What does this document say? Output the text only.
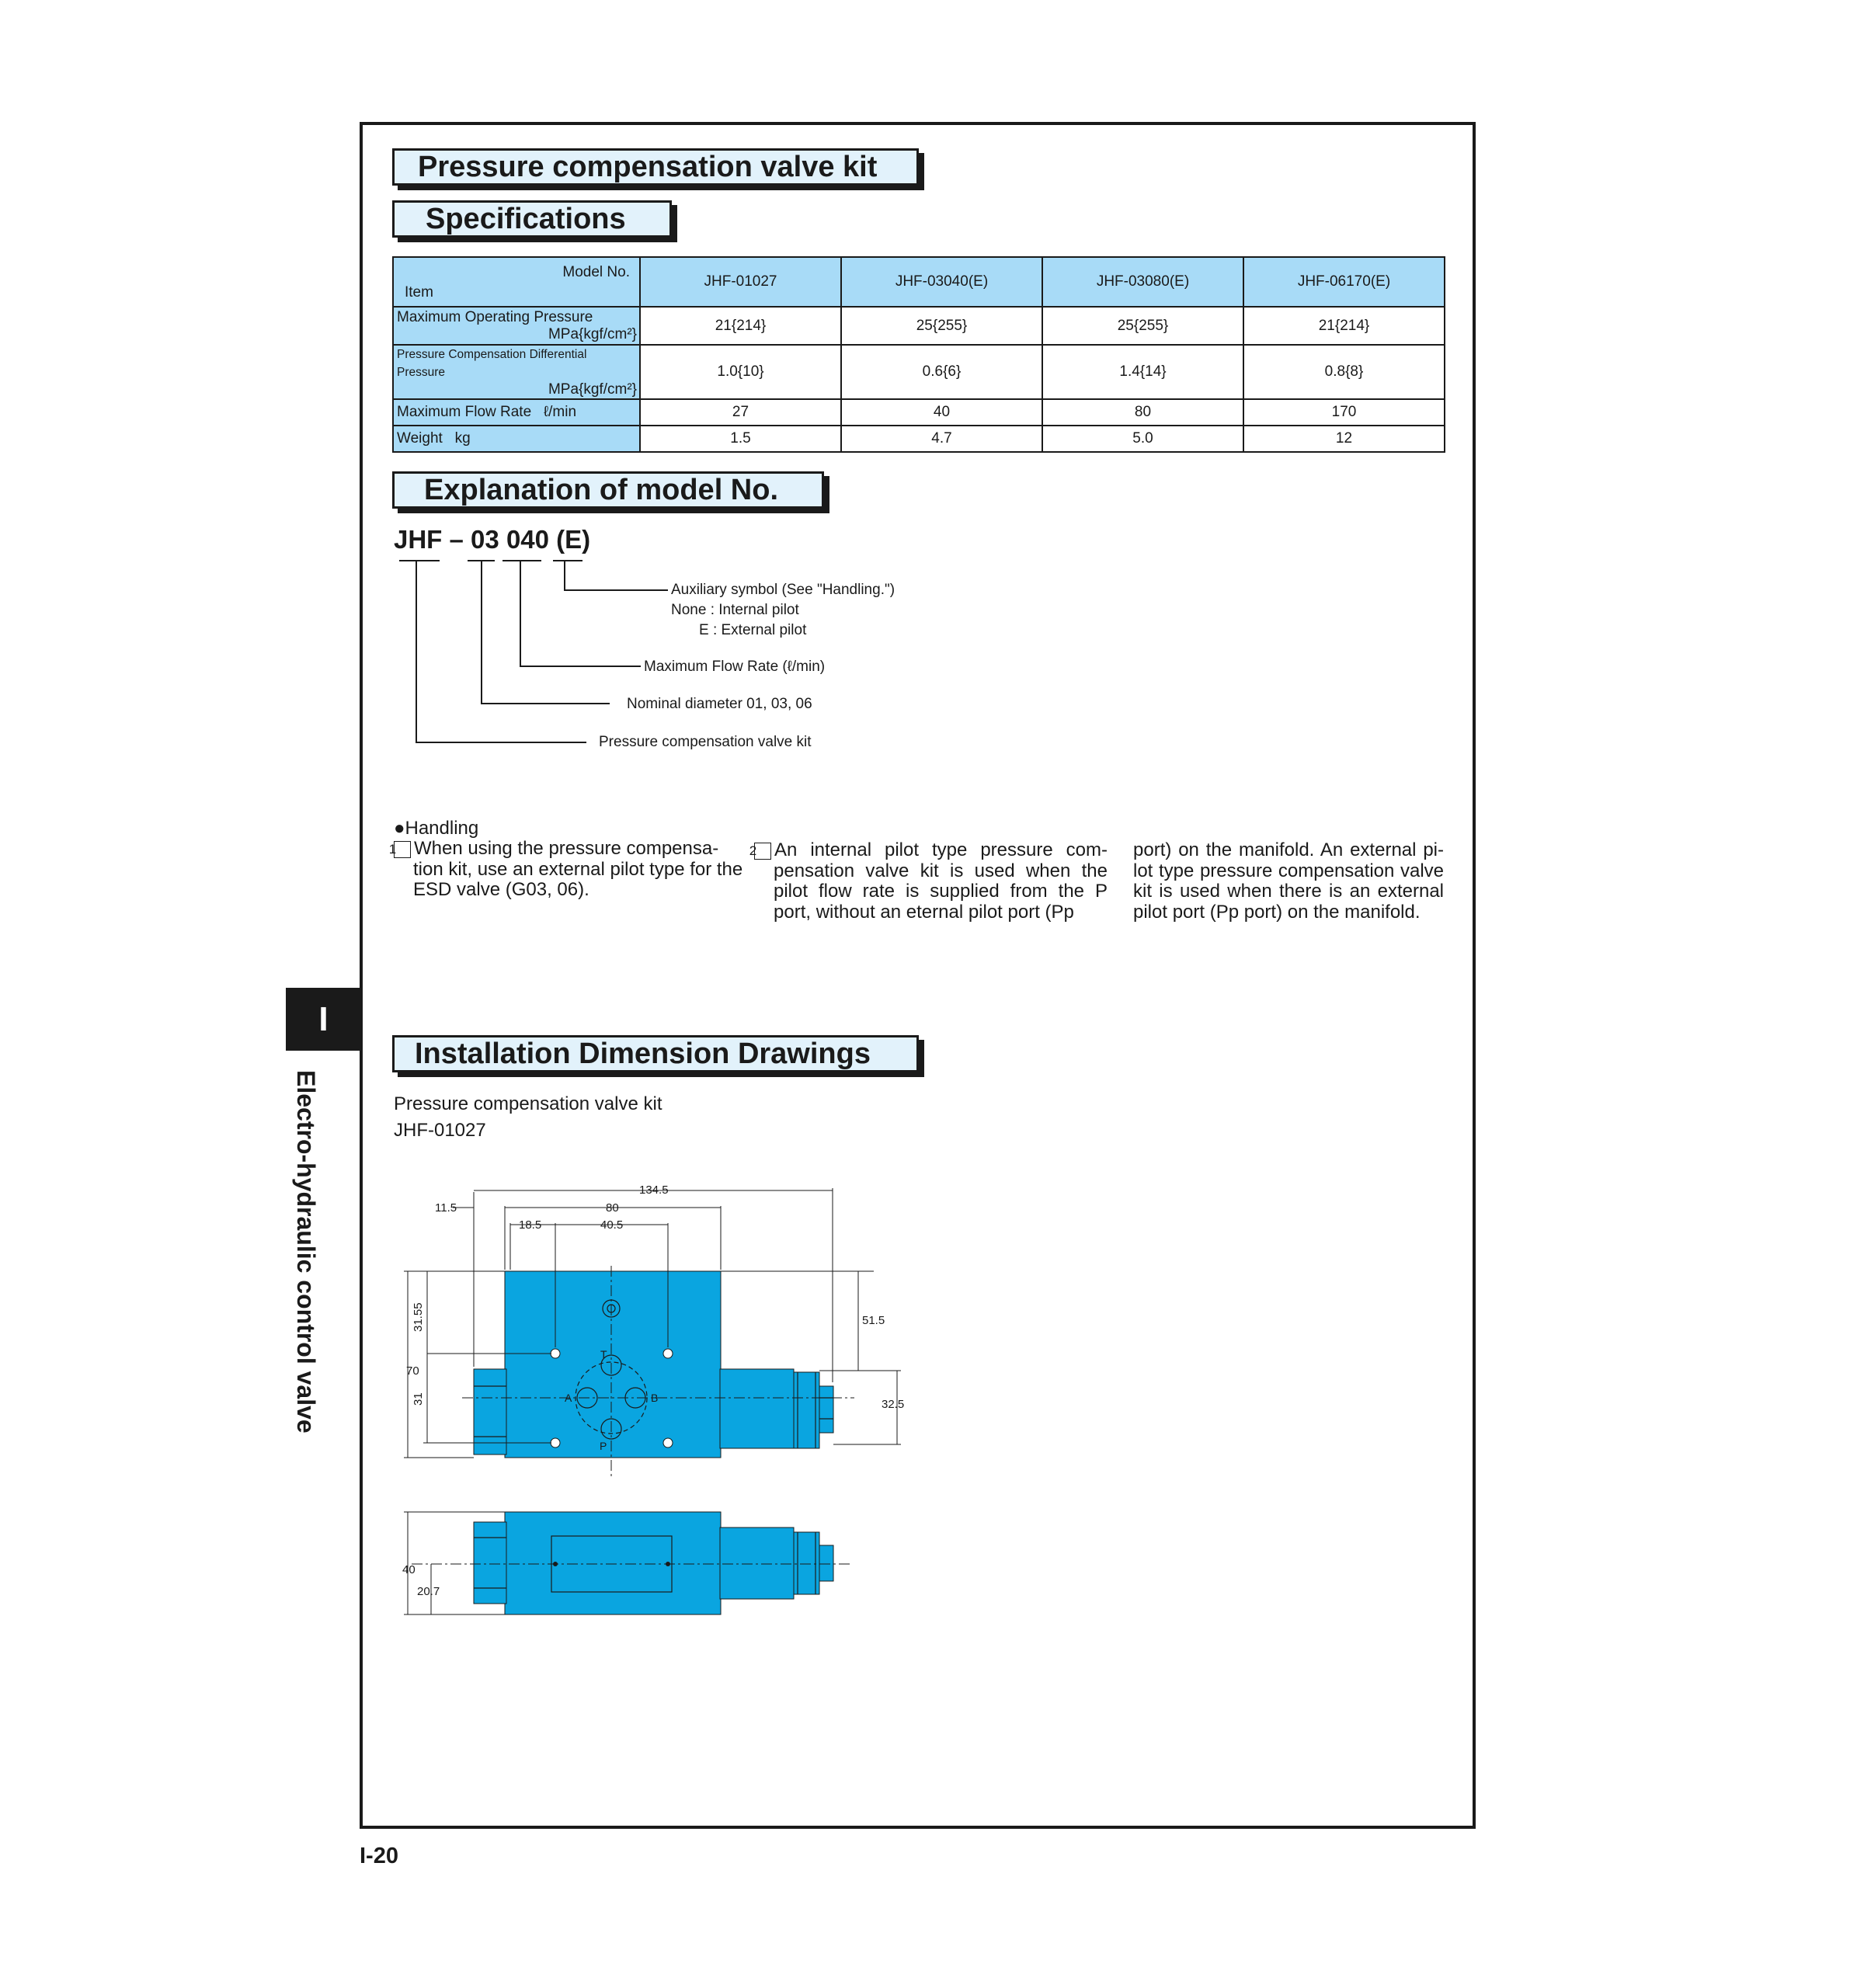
Pressure compensation valve kit
Specifications
Model No.
Item	JHF-01027	JHF-03040(E)	JHF-03080(E)	JHF-06170(E)
Maximum Operating Pressure
MPa{kgf/cm²}	21{214}	25{255}	25{255}	21{214}
Pressure Compensation Differential Pressure
MPa{kgf/cm²}	1.0{10}	0.6{6}	1.4{14}	0.8{8}
Maximum Flow Rate   ℓ/min	27	40	80	170
Weight   kg	1.5	4.7	5.0	12
Explanation of model No.
JHF – 03 040 (E)
Auxiliary symbol (See "Handling.")
None : Internal pilot
E : External pilot
Maximum Flow Rate (ℓ/min)
Nominal diameter 01, 03, 06
Pressure compensation valve kit
●Handling
1 When using the pressure compensa-tion kit, use an external pilot type for the ESD valve (G03, 06).
2 An internal pilot type pressure com-pensation valve kit is used when the pilot flow rate is supplied from the P port, without an eternal pilot port (Pp
port) on the manifold. An external pi-lot type pressure compensation valve kit is used when there is an external pilot port (Pp port) on the manifold.
I
Electro-hydraulic control valve
Installation Dimension Drawings
Pressure compensation valve kit
JHF-01027
T
A	B
P
134.5
11.5	80
18.5	40.5
51.5
32.5
70
31.55
31
40
20.7
I-20
